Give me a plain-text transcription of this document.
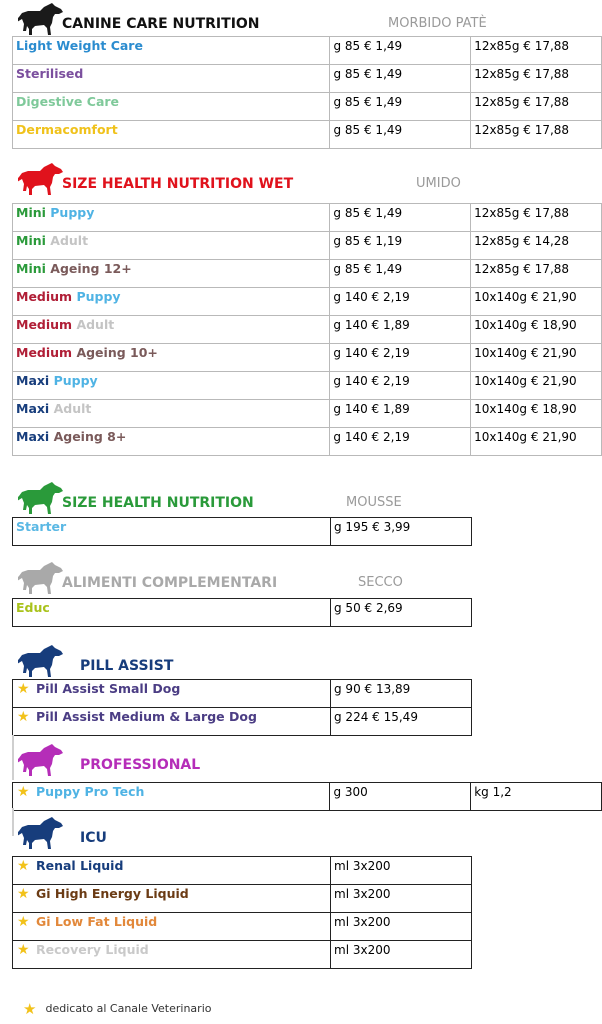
CANINE CARE NUTRITION	MORBIDO PATÈ
Light Weight Care	g 85 € 1,49	12x85g € 17,88
Sterilised	g 85 € 1,49	12x85g € 17,88
Digestive Care	g 85 € 1,49	12x85g € 17,88
Dermacomfort	g 85 € 1,49	12x85g € 17,88
SIZE HEALTH NUTRITION WET	UMIDO
Mini Puppy	g 85 € 1,49	12x85g € 17,88
Mini Adult	g 85 € 1,19	12x85g € 14,28
Mini Ageing 12+	g 85 € 1,49	12x85g € 17,88
Medium Puppy	g 140 € 2,19	10x140g € 21,90
Medium Adult	g 140 € 1,89	10x140g € 18,90
Medium Ageing 10+	g 140 € 2,19	10x140g € 21,90
Maxi Puppy	g 140 € 2,19	10x140g € 21,90
Maxi Adult	g 140 € 1,89	10x140g € 18,90
Maxi Ageing 8+	g 140 € 2,19	10x140g € 21,90
SIZE HEALTH NUTRITION	MOUSSE
Starter	g 195 € 3,99
ALIMENTI COMPLEMENTARI	SECCO
Educ	g 50 € 2,69
PILL ASSIST
★ Pill Assist Small Dog	g 90 € 13,89
★ Pill Assist Medium & Large Dog	g 224 € 15,49
PROFESSIONAL
★ Puppy Pro Tech	g 300	kg 1,2
ICU
★ Renal Liquid	ml 3x200
★ Gi High Energy Liquid	ml 3x200
★ Gi Low Fat Liquid	ml 3x200
★ Recovery Liquid	ml 3x200
★ dedicato al Canale Veterinario
